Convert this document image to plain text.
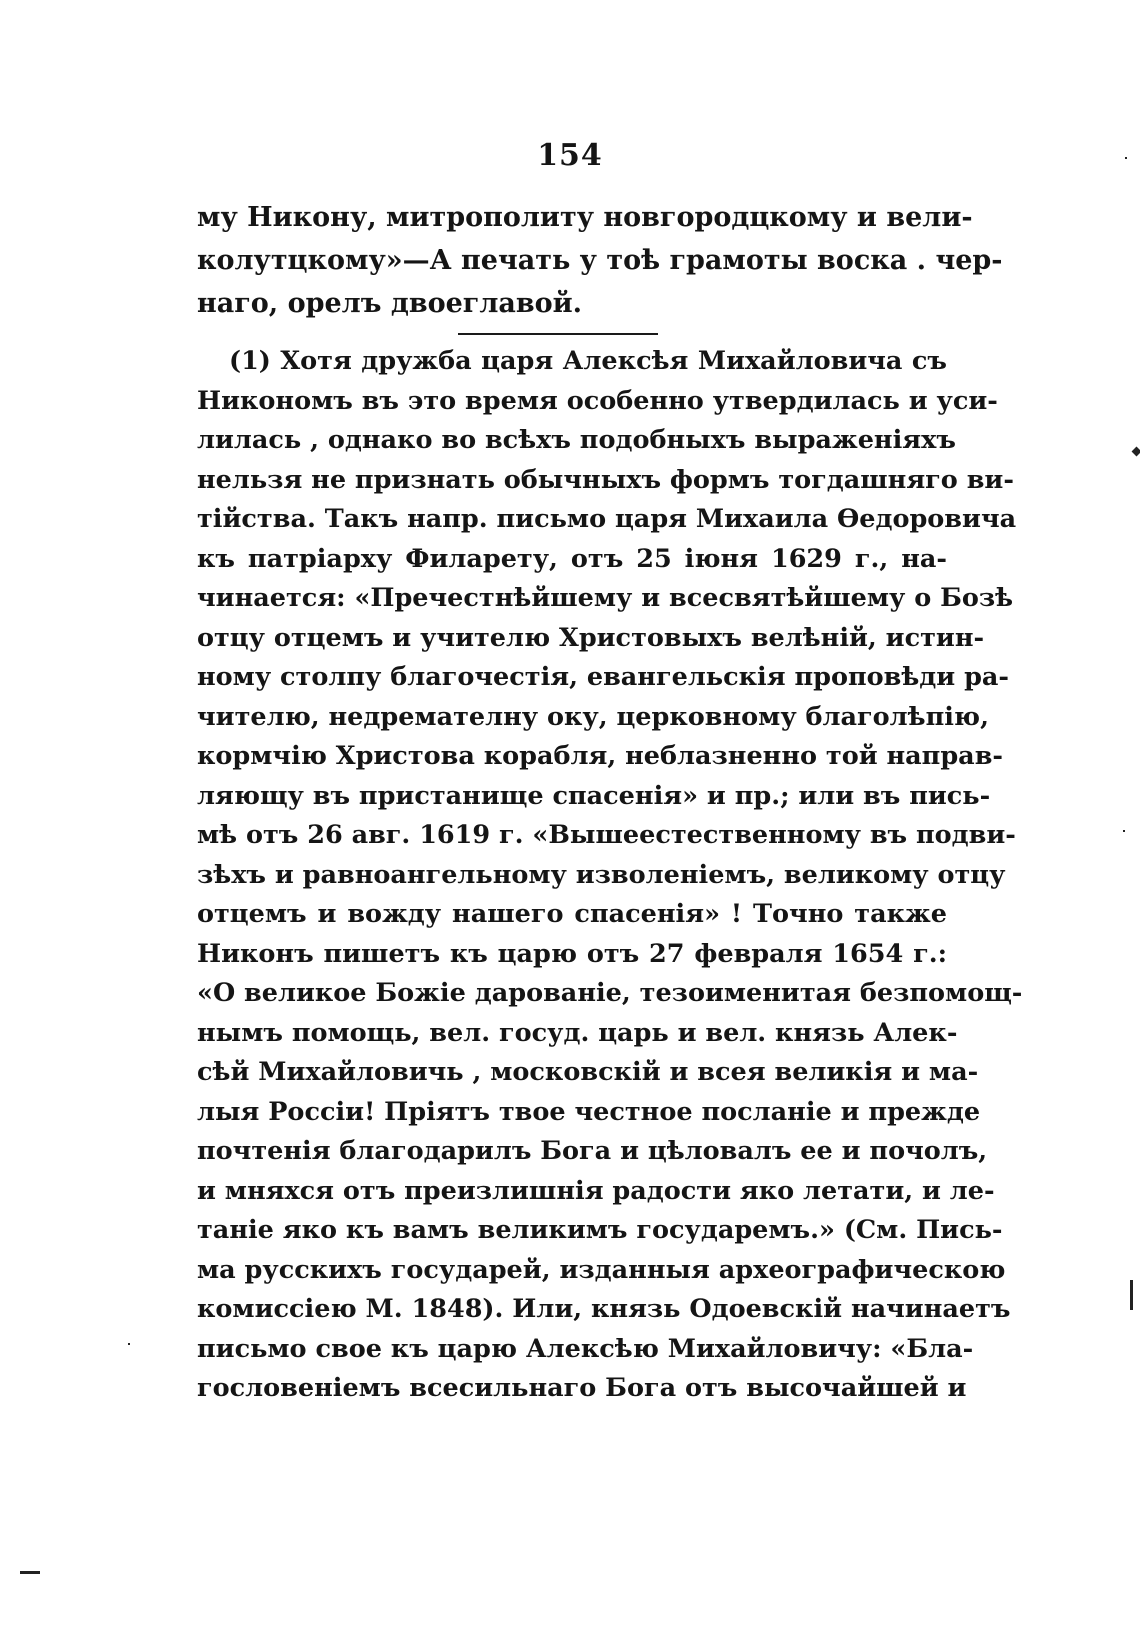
154
му Никону, митрополиту новгородцкому и вели-
колутцкому»—А печать у тоѣ грамоты воска . чер-
наго, орелъ двоеглавой.
(1) Хотя дружба царя Алексѣя Михайловича съ
Никономъ въ это время особенно утвердилась и уси-
лилась , однако во всѣхъ подобныхъ выраженіяхъ
нельзя не признать обычныхъ формъ тогдашняго ви-
тійства. Такъ напр. письмо царя Михаила Ѳедоровича
къ патріарху Филарету, отъ 25 іюня 1629 г., на-
чинается: «Пречестнѣйшему и всесвятѣйшему о Бозѣ
отцу отцемъ и учителю Христовыхъ велѣній, истин-
ному столпу благочестія, евангельскія проповѣди ра-
чителю, недремателну оку, церковному благолѣпію,
кормчію Христова корабля, неблазненно той направ-
ляющу въ пристанище спасенія» и пр.; или въ пись-
мѣ отъ 26 авг. 1619 г. «Вышеестественному въ подви-
зѣхъ и равноангельному изволеніемъ, великому отцу
отцемъ и вожду нашего спасенія» ! Точно также
Никонъ пишетъ къ царю отъ 27 февраля 1654 г.:
«О великое Божіе дарованіе, тезоименитая безпомощ-
нымъ помощь, вел. госуд. царь и вел. князь Алек-
сѣй Михайловичь , московскій и всея великія и ма-
лыя Россіи! Пріятъ твое честное посланіе и прежде
почтенія благодарилъ Бога и цѣловалъ ее и почолъ,
и мняхся отъ преизлишнія радости яко летати, и ле-
таніе яко къ вамъ великимъ государемъ.» (См. Пись-
ма русскихъ государей, изданныя археографическою
комиссіею М. 1848). Или, князь Одоевскій начинаетъ
письмо свое къ царю Алексѣю Михайловичу: «Бла-
гословеніемъ всесильнаго Бога отъ высочайшей и
